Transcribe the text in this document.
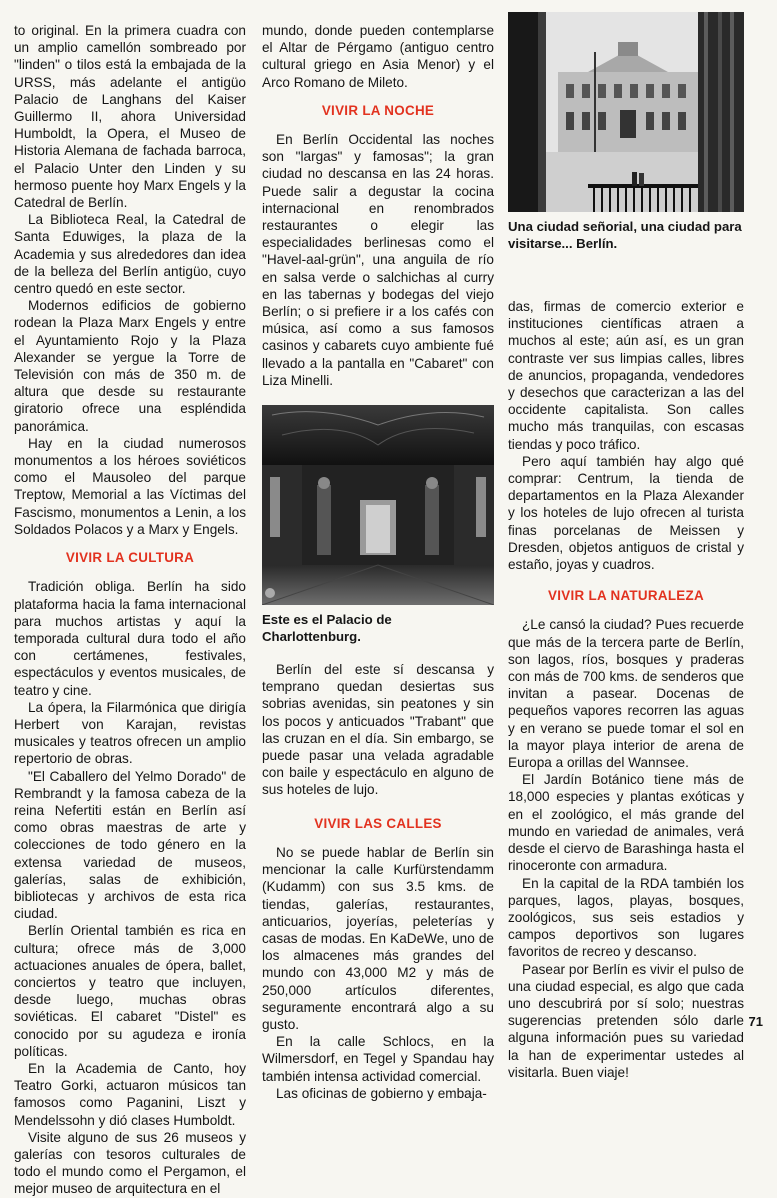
to original. En la primera cuadra con un amplio camellón sombreado por "linden" o tilos está la embajada de la URSS, más adelante el antigüo Palacio de Langhans del Kaiser Guillermo II, ahora Universidad Humboldt, la Opera, el Museo de Historia Alemana de fachada barroca, el Palacio Unter den Linden y su hermoso puente hoy Marx Engels y la Catedral de Berlín.

La Biblioteca Real, la Catedral de Santa Eduwiges, la plaza de la Academia y sus alrededores dan idea de la belleza del Berlín antigüo, cuyo centro quedó en este sector.

Modernos edificios de gobierno rodean la Plaza Marx Engels y entre el Ayuntamiento Rojo y la Plaza Alexander se yergue la Torre de Televisión con más de 350 m. de altura que desde su restaurante giratorio ofrece una espléndida panorámica.

Hay en la ciudad numerosos monumentos a los héroes soviéticos como el Mausoleo del parque Treptow, Memorial a las Víctimas del Fascismo, monumentos a Lenin, a los Soldados Polacos y a Marx y Engels.

VIVIR LA CULTURA

Tradición obliga. Berlín ha sido plataforma hacia la fama internacional para muchos artistas y aquí la temporada cultural dura todo el año con certámenes, festivales, espectáculos y eventos musicales, de teatro y cine.

La ópera, la Filarmónica que dirigía Herbert von Karajan, revistas musicales y teatros ofrecen un amplio repertorio de obras.

"El Caballero del Yelmo Dorado" de Rembrandt y la famosa cabeza de la reina Nefertiti están en Berlín así como obras maestras de arte y colecciones de todo género en la extensa variedad de museos, galerías, salas de exhibición, bibliotecas y archivos de esta rica ciudad.

Berlín Oriental también es rica en cultura; ofrece más de 3,000 actuaciones anuales de ópera, ballet, conciertos y teatro que incluyen, desde luego, muchas obras soviéticas. El cabaret "Distel" es conocido por su agudeza e ironía políticas.

En la Academia de Canto, hoy Teatro Gorki, actuaron músicos tan famosos como Paganini, Liszt y Mendelssohn y dió clases Humboldt.

Visite alguno de sus 26 museos y galerías con tesoros culturales de todo el mundo como el Pergamon, el mejor museo de arquitectura en el

mundo, donde pueden contemplarse el Altar de Pérgamo (antiguo centro cultural griego en Asia Menor) y el Arco Romano de Mileto.

VIVIR LA NOCHE

En Berlín Occidental las noches son "largas" y famosas"; la gran ciudad no descansa en las 24 horas. Puede salir a degustar la cocina internacional en renombrados restaurantes o elegir las especialidades berlinesas como el "Havel-aal-grün", una anguila de río en salsa verde o salchichas al curry en las tabernas y bodegas del viejo Berlín; o si prefiere ir a los cafés con música, así como a sus famosos casinos y cabarets cuyo ambiente fué llevado a la pantalla en "Cabaret" con Liza Minelli.

Este es el Palacio de Charlottenburg.

Berlín del este sí descansa y temprano quedan desiertas sus sobrias avenidas, sin peatones y sin los pocos y anticuados "Trabant" que las cruzan en el día. Sin embargo, se puede pasar una velada agradable con baile y espectáculo en alguno de sus hoteles de lujo.

VIVIR LAS CALLES

No se puede hablar de Berlín sin mencionar la calle Kurfürstendamm (Kudamm) con sus 3.5 kms. de tiendas, galerías, restaurantes, anticuarios, joyerías, peleterías y casas de modas. En KaDeWe, uno de los almacenes más grandes del mundo con 43,000 M2 y más de 250,000 artículos diferentes, seguramente encontrará algo a su gusto.

En la calle Schlocs, en la Wilmersdorf, en Tegel y Spandau hay también intensa actividad comercial.

Las oficinas de gobierno y embaja-

Una ciudad señorial, una ciudad para visitarse... Berlín.

das, firmas de comercio exterior e instituciones científicas atraen a muchos al este; aún así, es un gran contraste ver sus limpias calles, libres de anuncios, propaganda, vendedores y desechos que caracterizan a las del occidente capitalista. Son calles mucho más tranquilas, con escasas tiendas y poco tráfico.

Pero aquí también hay algo qué comprar: Centrum, la tienda de departamentos en la Plaza Alexander y los hoteles de lujo ofrecen al turista finas porcelanas de Meissen y Dresden, objetos antiguos de cristal y estaño, joyas y cuadros.

VIVIR LA NATURALEZA

¿Le cansó la ciudad? Pues recuerde que más de la tercera parte de Berlín, son lagos, ríos, bosques y praderas con más de 700 kms. de senderos que invitan a pasear. Docenas de pequeños vapores recorren las aguas y en verano se puede tomar el sol en la mayor playa interior de arena de Europa a orillas del Wannsee.

El Jardín Botánico tiene más de 18,000 especies y plantas exóticas y en el zoológico, el más grande del mundo en variedad de animales, verá desde el ciervo de Barashinga hasta el rinoceronte con armadura.

En la capital de la RDA también los parques, lagos, playas, bosques, zoológicos, sus seis estadios y campos deportivos son lugares favoritos de recreo y descanso.

Pasear por Berlín es vivir el pulso de una ciudad especial, es algo que cada uno descubrirá por sí solo; nuestras sugerencias pretenden sólo darle alguna información pues su variedad la han de experimentar ustedes al visitarla. Buen viaje!

71
